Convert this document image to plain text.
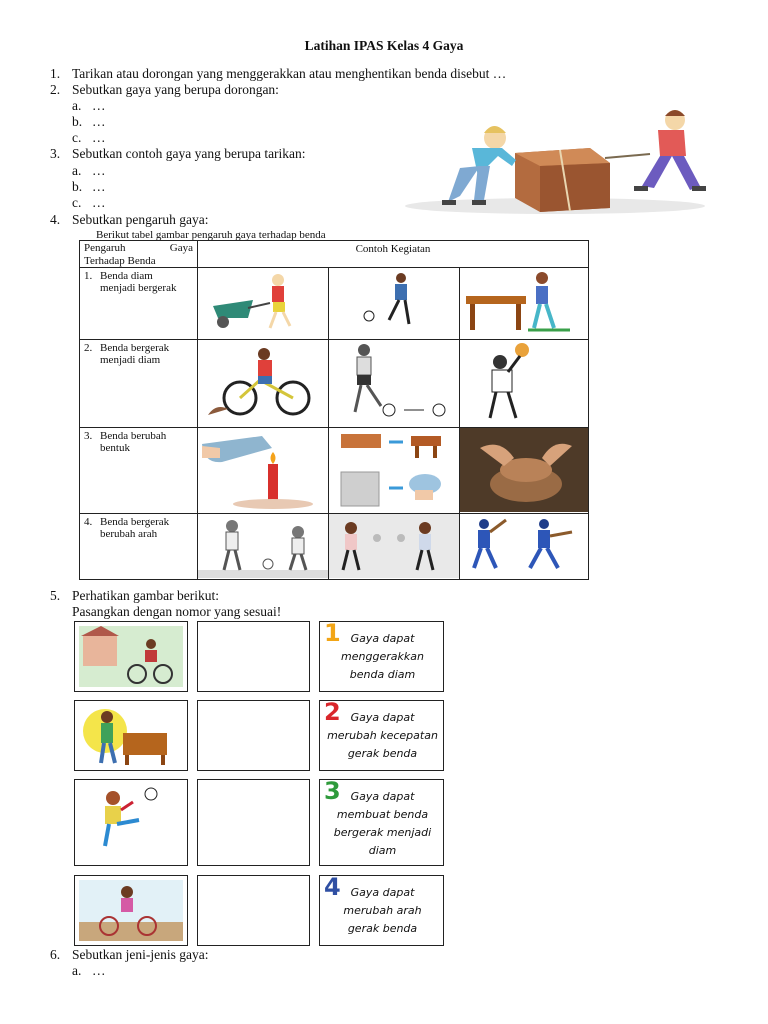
Latihan IPAS Kelas 4 Gaya
1. Tarikan atau dorongan yang menggerakkan atau menghentikan benda disebut …
2. Sebutkan gaya yang berupa dorongan:
a. …
b. …
c. …
3. Sebutkan contoh gaya yang berupa tarikan:
a. …
b. …
c. …
4. Sebutkan pengaruh gaya:
Berikut tabel gambar pengaruh gaya terhadap benda
Pengaruh Gaya
Terhadap Benda	Contoh Kegiatan		

1. Benda diam menjadi bergerak

2. Benda bergerak menjadi diam

3. Benda berubah bentuk

4. Benda bergerak berubah arah

5. Perhatikan gambar berikut:
Pasangkan dengan nomor yang sesuai!
1 Gaya dapat menggerakkan benda diam
2 Gaya dapat merubah kecepatan gerak benda
3 Gaya dapat membuat benda bergerak menjadi diam
4 Gaya dapat merubah arah gerak benda
6. Sebutkan jeni-jenis gaya:
a. …
